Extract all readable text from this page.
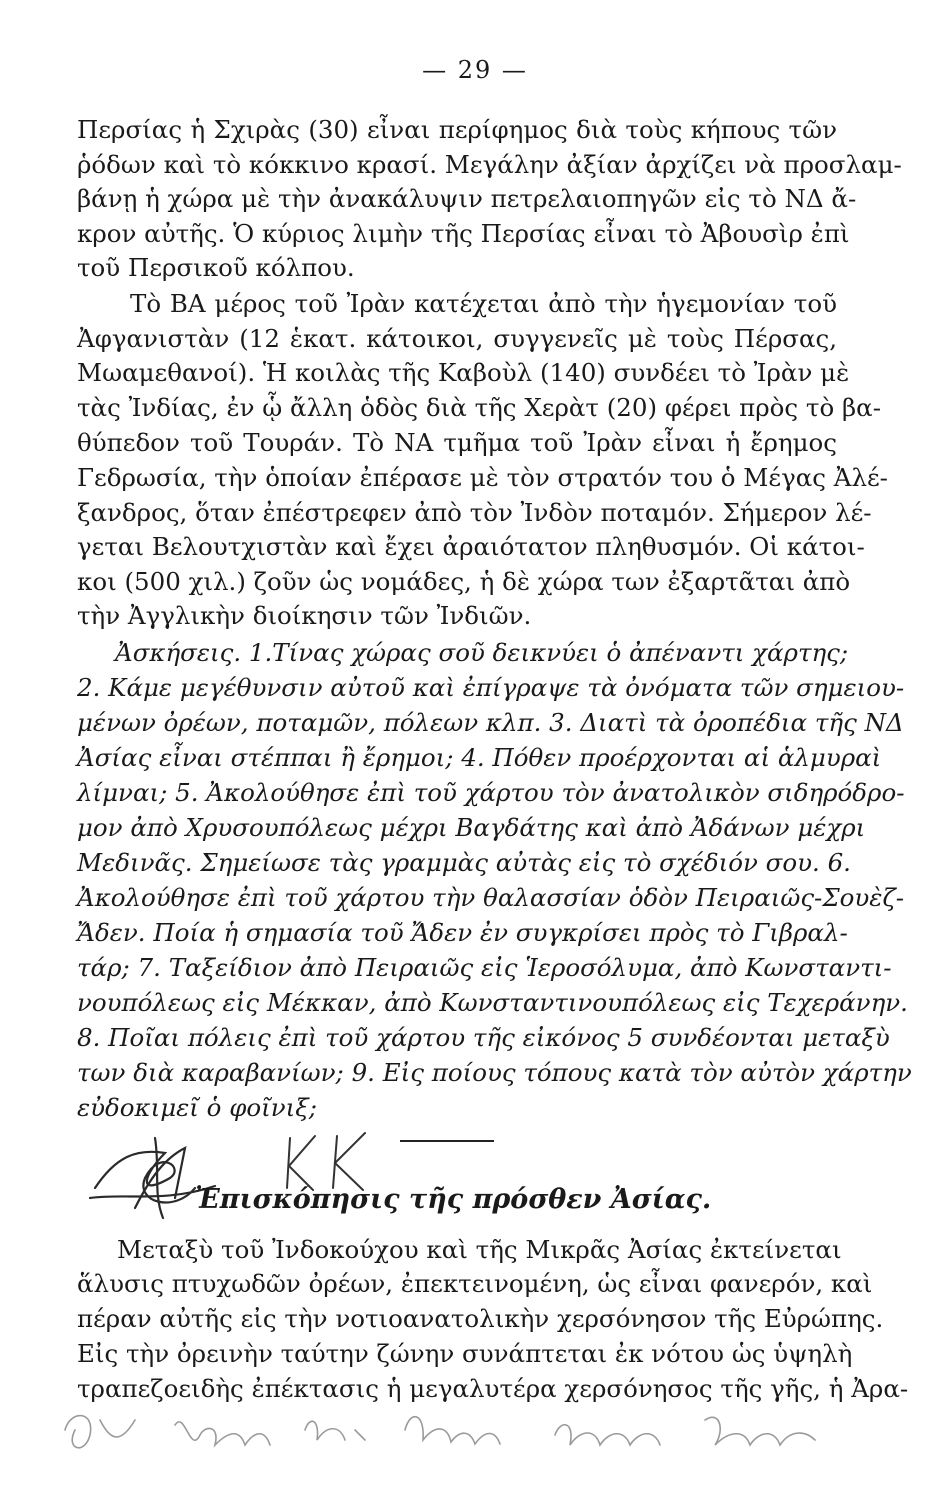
— 29 —
Περσίας ἡ Σχιρὰς (30) εἶναι περίφημος διὰ τοὺς κήπους τῶν
ῥόδων καὶ τὸ κόκκινο κρασί. Μεγάλην ἀξίαν ἀρχίζει νὰ προσλαμ-
βάνῃ ἡ χώρα μὲ τὴν ἀνακάλυψιν πετρελαιοπηγῶν εἰς τὸ ΝΔ ἄ-
κρον αὐτῆς. Ὁ κύριος λιμὴν τῆς Περσίας εἶναι τὸ Ἀβουσὶρ ἐπὶ
τοῦ Περσικοῦ κόλπου.
Τὸ ΒΑ μέρος τοῦ Ἰρὰν κατέχεται ἀπὸ τὴν ἡγεμονίαν τοῦ
Ἀφγανιστὰν (12 ἑκατ. κάτοικοι, συγγενεῖς μὲ τοὺς Πέρσας,
Μωαμεθανοί). Ἡ κοιλὰς τῆς Καβοὺλ (140) συνδέει τὸ Ἰρὰν μὲ
τὰς Ἰνδίας, ἐν ᾧ ἄλλη ὁδὸς διὰ τῆς Χερὰτ (20) φέρει πρὸς τὸ βα-
θύπεδον τοῦ Τουράν. Τὸ ΝΑ τμῆμα τοῦ Ἰρὰν εἶναι ἡ ἔρημος
Γεδρωσία, τὴν ὁποίαν ἐπέρασε μὲ τὸν στρατόν του ὁ Μέγας Ἀλέ-
ξανδρος, ὅταν ἐπέστρεφεν ἀπὸ τὸν Ἰνδὸν ποταμόν. Σήμερον λέ-
γεται Βελουτχιστὰν καὶ ἔχει ἀραιότατον πληθυσμόν. Οἱ κάτοι-
κοι (500 χιλ.) ζοῦν ὡς νομάδες, ἡ δὲ χώρα των ἐξαρτᾶται ἀπὸ
τὴν Ἀγγλικὴν διοίκησιν τῶν Ἰνδιῶν.
Ἀσκήσεις. 1.Τίνας χώρας σοῦ δεικνύει ὁ ἀπέναντι χάρτης;
2. Κάμε μεγέθυνσιν αὐτοῦ καὶ ἐπίγραψε τὰ ὀνόματα τῶν σημειου-
μένων ὀρέων, ποταμῶν, πόλεων κλπ. 3. Διατὶ τὰ ὀροπέδια τῆς ΝΔ
Ἀσίας εἶναι στέππαι ἢ ἔρημοι; 4. Πόθεν προέρχονται αἱ ἁλμυραὶ
λίμναι; 5. Ἀκολούθησε ἐπὶ τοῦ χάρτου τὸν ἀνατολικὸν σιδηρόδρο-
μον ἀπὸ Χρυσουπόλεως μέχρι Βαγδάτης καὶ ἀπὸ Ἀδάνων μέχρι
Μεδινᾶς. Σημείωσε τὰς γραμμὰς αὐτὰς εἰς τὸ σχέδιόν σου. 6.
Ἀκολούθησε ἐπὶ τοῦ χάρτου τὴν θαλασσίαν ὁδὸν Πειραιῶς-Σουὲζ-
Ἄδεν. Ποία ἡ σημασία τοῦ Ἄδεν ἐν συγκρίσει πρὸς τὸ Γιβραλ-
τάρ; 7. Ταξείδιον ἀπὸ Πειραιῶς εἰς Ἱεροσόλυμα, ἀπὸ Κωνσταντι-
νουπόλεως εἰς Μέκκαν, ἀπὸ Κωνσταντινουπόλεως εἰς Τεχεράνην.
8. Ποῖαι πόλεις ἐπὶ τοῦ χάρτου τῆς εἰκόνος 5 συνδέονται μεταξὺ
των διὰ καραβανίων; 9. Εἰς ποίους τόπους κατὰ τὸν αὐτὸν χάρτην
εὐδοκιμεῖ ὁ φοῖνιξ;
Ἐπισκόπησις τῆς πρόσθεν Ἀσίας.
Μεταξὺ τοῦ Ἰνδοκούχου καὶ τῆς Μικρᾶς Ἀσίας ἐκτείνεται
ἅλυσις πτυχωδῶν ὀρέων, ἐπεκτεινομένη, ὡς εἶναι φανερόν, καὶ
πέραν αὐτῆς εἰς τὴν νοτιοανατολικὴν χερσόνησον τῆς Εὐρώπης.
Εἰς τὴν ὀρεινὴν ταύτην ζώνην συνάπτεται ἐκ νότου ὡς ὑψηλὴ
τραπεζοειδὴς ἐπέκτασις ἡ μεγαλυτέρα χερσόνησος τῆς γῆς, ἡ Ἀρα-
